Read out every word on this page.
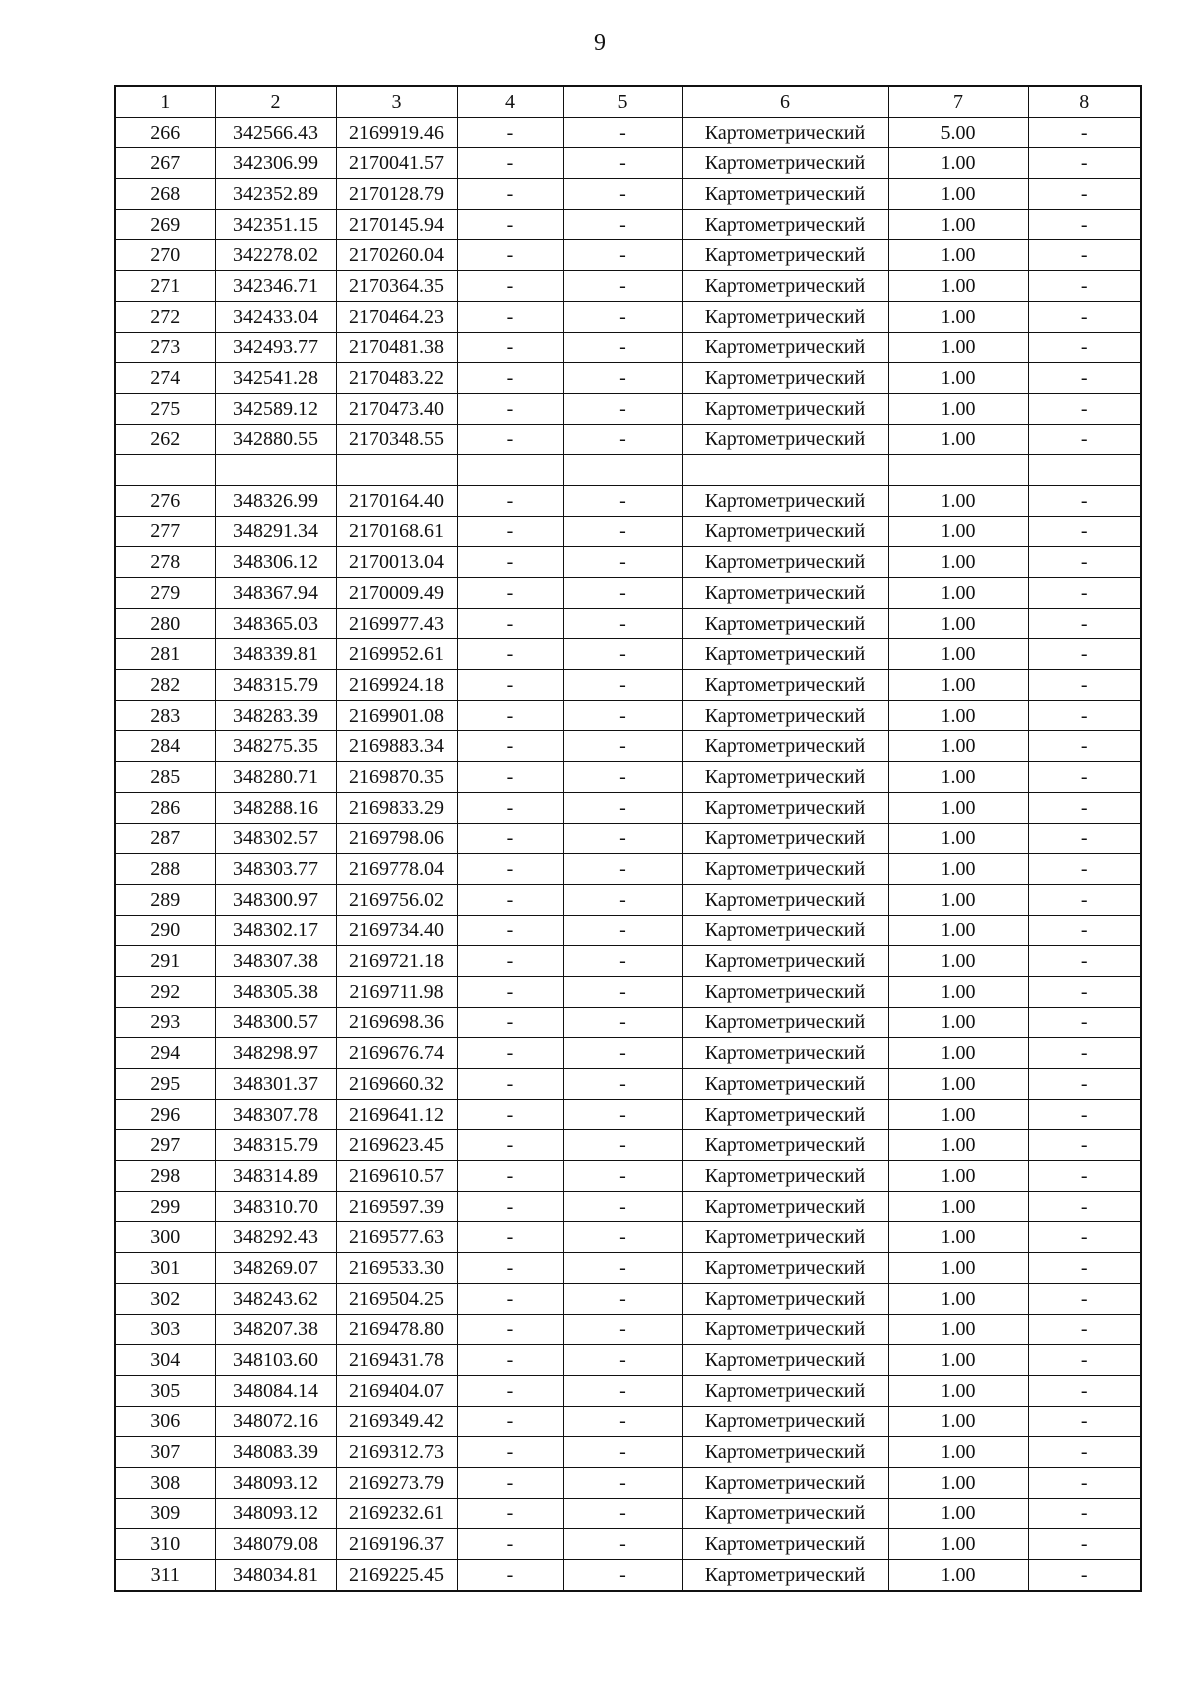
9
1	2	3	4	5	6	7	8
266	342566.43	2169919.46	-	-	Картометрический	5.00	-
267	342306.99	2170041.57	-	-	Картометрический	1.00	-
268	342352.89	2170128.79	-	-	Картометрический	1.00	-
269	342351.15	2170145.94	-	-	Картометрический	1.00	-
270	342278.02	2170260.04	-	-	Картометрический	1.00	-
271	342346.71	2170364.35	-	-	Картометрический	1.00	-
272	342433.04	2170464.23	-	-	Картометрический	1.00	-
273	342493.77	2170481.38	-	-	Картометрический	1.00	-
274	342541.28	2170483.22	-	-	Картометрический	1.00	-
275	342589.12	2170473.40	-	-	Картометрический	1.00	-
262	342880.55	2170348.55	-	-	Картометрический	1.00	-

276	348326.99	2170164.40	-	-	Картометрический	1.00	-
277	348291.34	2170168.61	-	-	Картометрический	1.00	-
278	348306.12	2170013.04	-	-	Картометрический	1.00	-
279	348367.94	2170009.49	-	-	Картометрический	1.00	-
280	348365.03	2169977.43	-	-	Картометрический	1.00	-
281	348339.81	2169952.61	-	-	Картометрический	1.00	-
282	348315.79	2169924.18	-	-	Картометрический	1.00	-
283	348283.39	2169901.08	-	-	Картометрический	1.00	-
284	348275.35	2169883.34	-	-	Картометрический	1.00	-
285	348280.71	2169870.35	-	-	Картометрический	1.00	-
286	348288.16	2169833.29	-	-	Картометрический	1.00	-
287	348302.57	2169798.06	-	-	Картометрический	1.00	-
288	348303.77	2169778.04	-	-	Картометрический	1.00	-
289	348300.97	2169756.02	-	-	Картометрический	1.00	-
290	348302.17	2169734.40	-	-	Картометрический	1.00	-
291	348307.38	2169721.18	-	-	Картометрический	1.00	-
292	348305.38	2169711.98	-	-	Картометрический	1.00	-
293	348300.57	2169698.36	-	-	Картометрический	1.00	-
294	348298.97	2169676.74	-	-	Картометрический	1.00	-
295	348301.37	2169660.32	-	-	Картометрический	1.00	-
296	348307.78	2169641.12	-	-	Картометрический	1.00	-
297	348315.79	2169623.45	-	-	Картометрический	1.00	-
298	348314.89	2169610.57	-	-	Картометрический	1.00	-
299	348310.70	2169597.39	-	-	Картометрический	1.00	-
300	348292.43	2169577.63	-	-	Картометрический	1.00	-
301	348269.07	2169533.30	-	-	Картометрический	1.00	-
302	348243.62	2169504.25	-	-	Картометрический	1.00	-
303	348207.38	2169478.80	-	-	Картометрический	1.00	-
304	348103.60	2169431.78	-	-	Картометрический	1.00	-
305	348084.14	2169404.07	-	-	Картометрический	1.00	-
306	348072.16	2169349.42	-	-	Картометрический	1.00	-
307	348083.39	2169312.73	-	-	Картометрический	1.00	-
308	348093.12	2169273.79	-	-	Картометрический	1.00	-
309	348093.12	2169232.61	-	-	Картометрический	1.00	-
310	348079.08	2169196.37	-	-	Картометрический	1.00	-
311	348034.81	2169225.45	-	-	Картометрический	1.00	-
